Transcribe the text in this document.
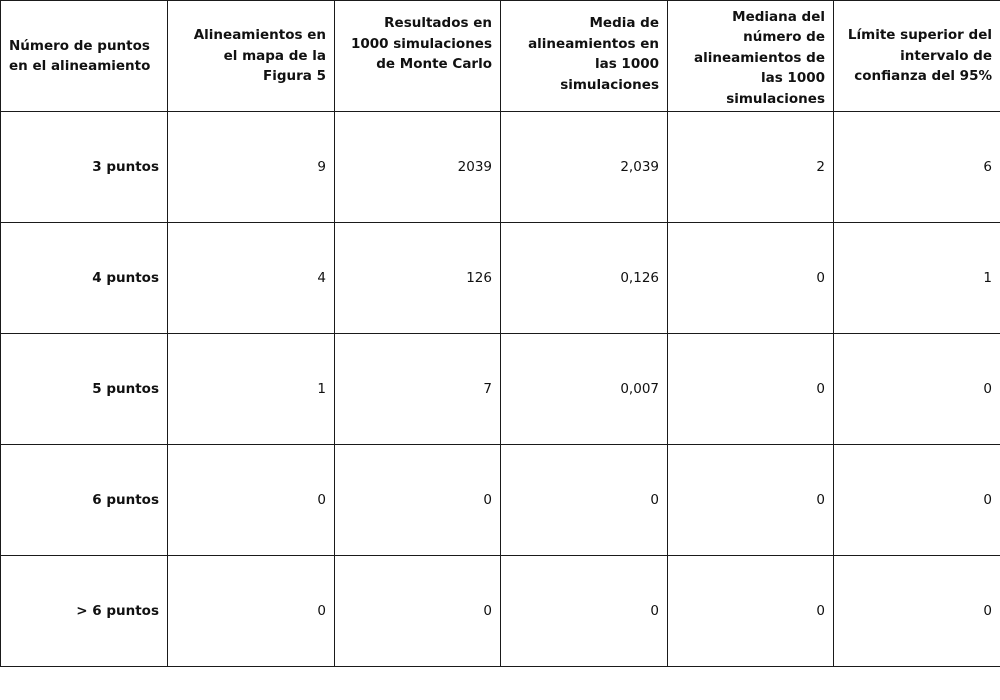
Número de puntos en el alineamiento	Alineamientos en el mapa de la Figura 5	Resultados en 1000 simulaciones de Monte Carlo	Media de alineamientos en las 1000 simulaciones	Mediana del número de alineamientos de las 1000 simulaciones	Límite superior del intervalo de confianza del 95%
3 puntos	9	2039	2,039	2	6
4 puntos	4	126	0,126	0	1
5 puntos	1	7	0,007	0	0
6 puntos	0	0	0	0	0
> 6 puntos	0	0	0	0	0
